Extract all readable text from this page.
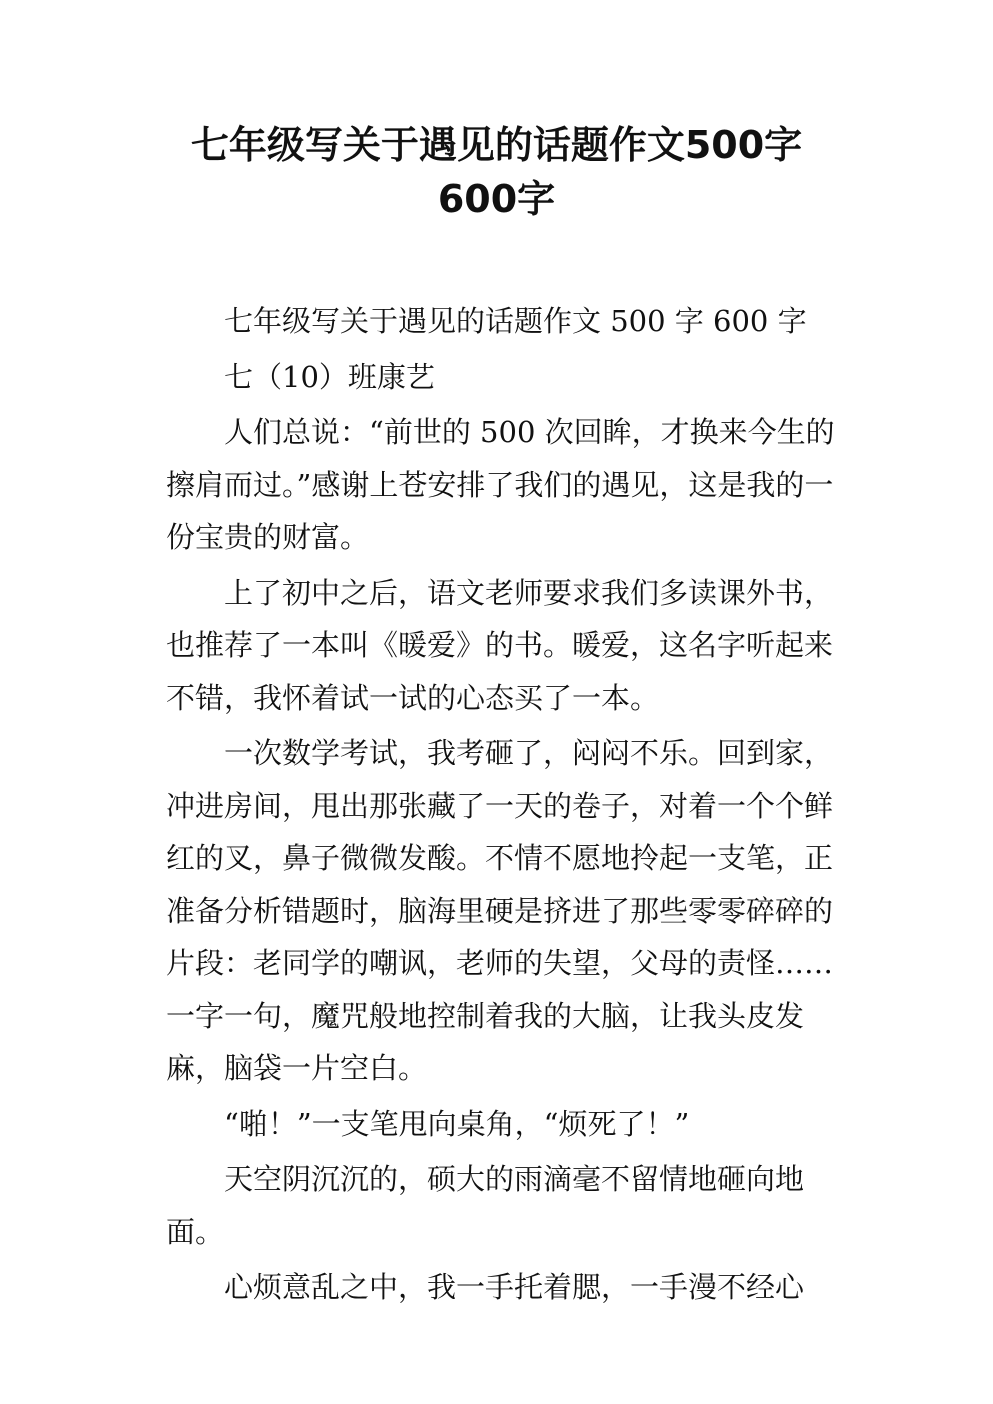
七年级写关于遇见的话题作文500字
600字

七年级写关于遇见的话题作文 500 字 600 字

七（10）班康艺

人们总说：“前世的 500 次回眸，才换来今生的擦肩而过。”感谢上苍安排了我们的遇见，这是我的一份宝贵的财富。

上了初中之后，语文老师要求我们多读课外书，也推荐了一本叫《暖爱》的书。暖爱，这名字听起来不错，我怀着试一试的心态买了一本。

一次数学考试，我考砸了，闷闷不乐。回到家，冲进房间，甩出那张藏了一天的卷子，对着一个个鲜红的叉，鼻子微微发酸。不情不愿地拎起一支笔，正准备分析错题时，脑海里硬是挤进了那些零零碎碎的片段：老同学的嘲讽，老师的失望，父母的责怪……一字一句，魔咒般地控制着我的大脑，让我头皮发麻，脑袋一片空白。

“啪！”一支笔甩向桌角，“烦死了！”

天空阴沉沉的，硕大的雨滴毫不留情地砸向地面。

心烦意乱之中，我一手托着腮，一手漫不经心
